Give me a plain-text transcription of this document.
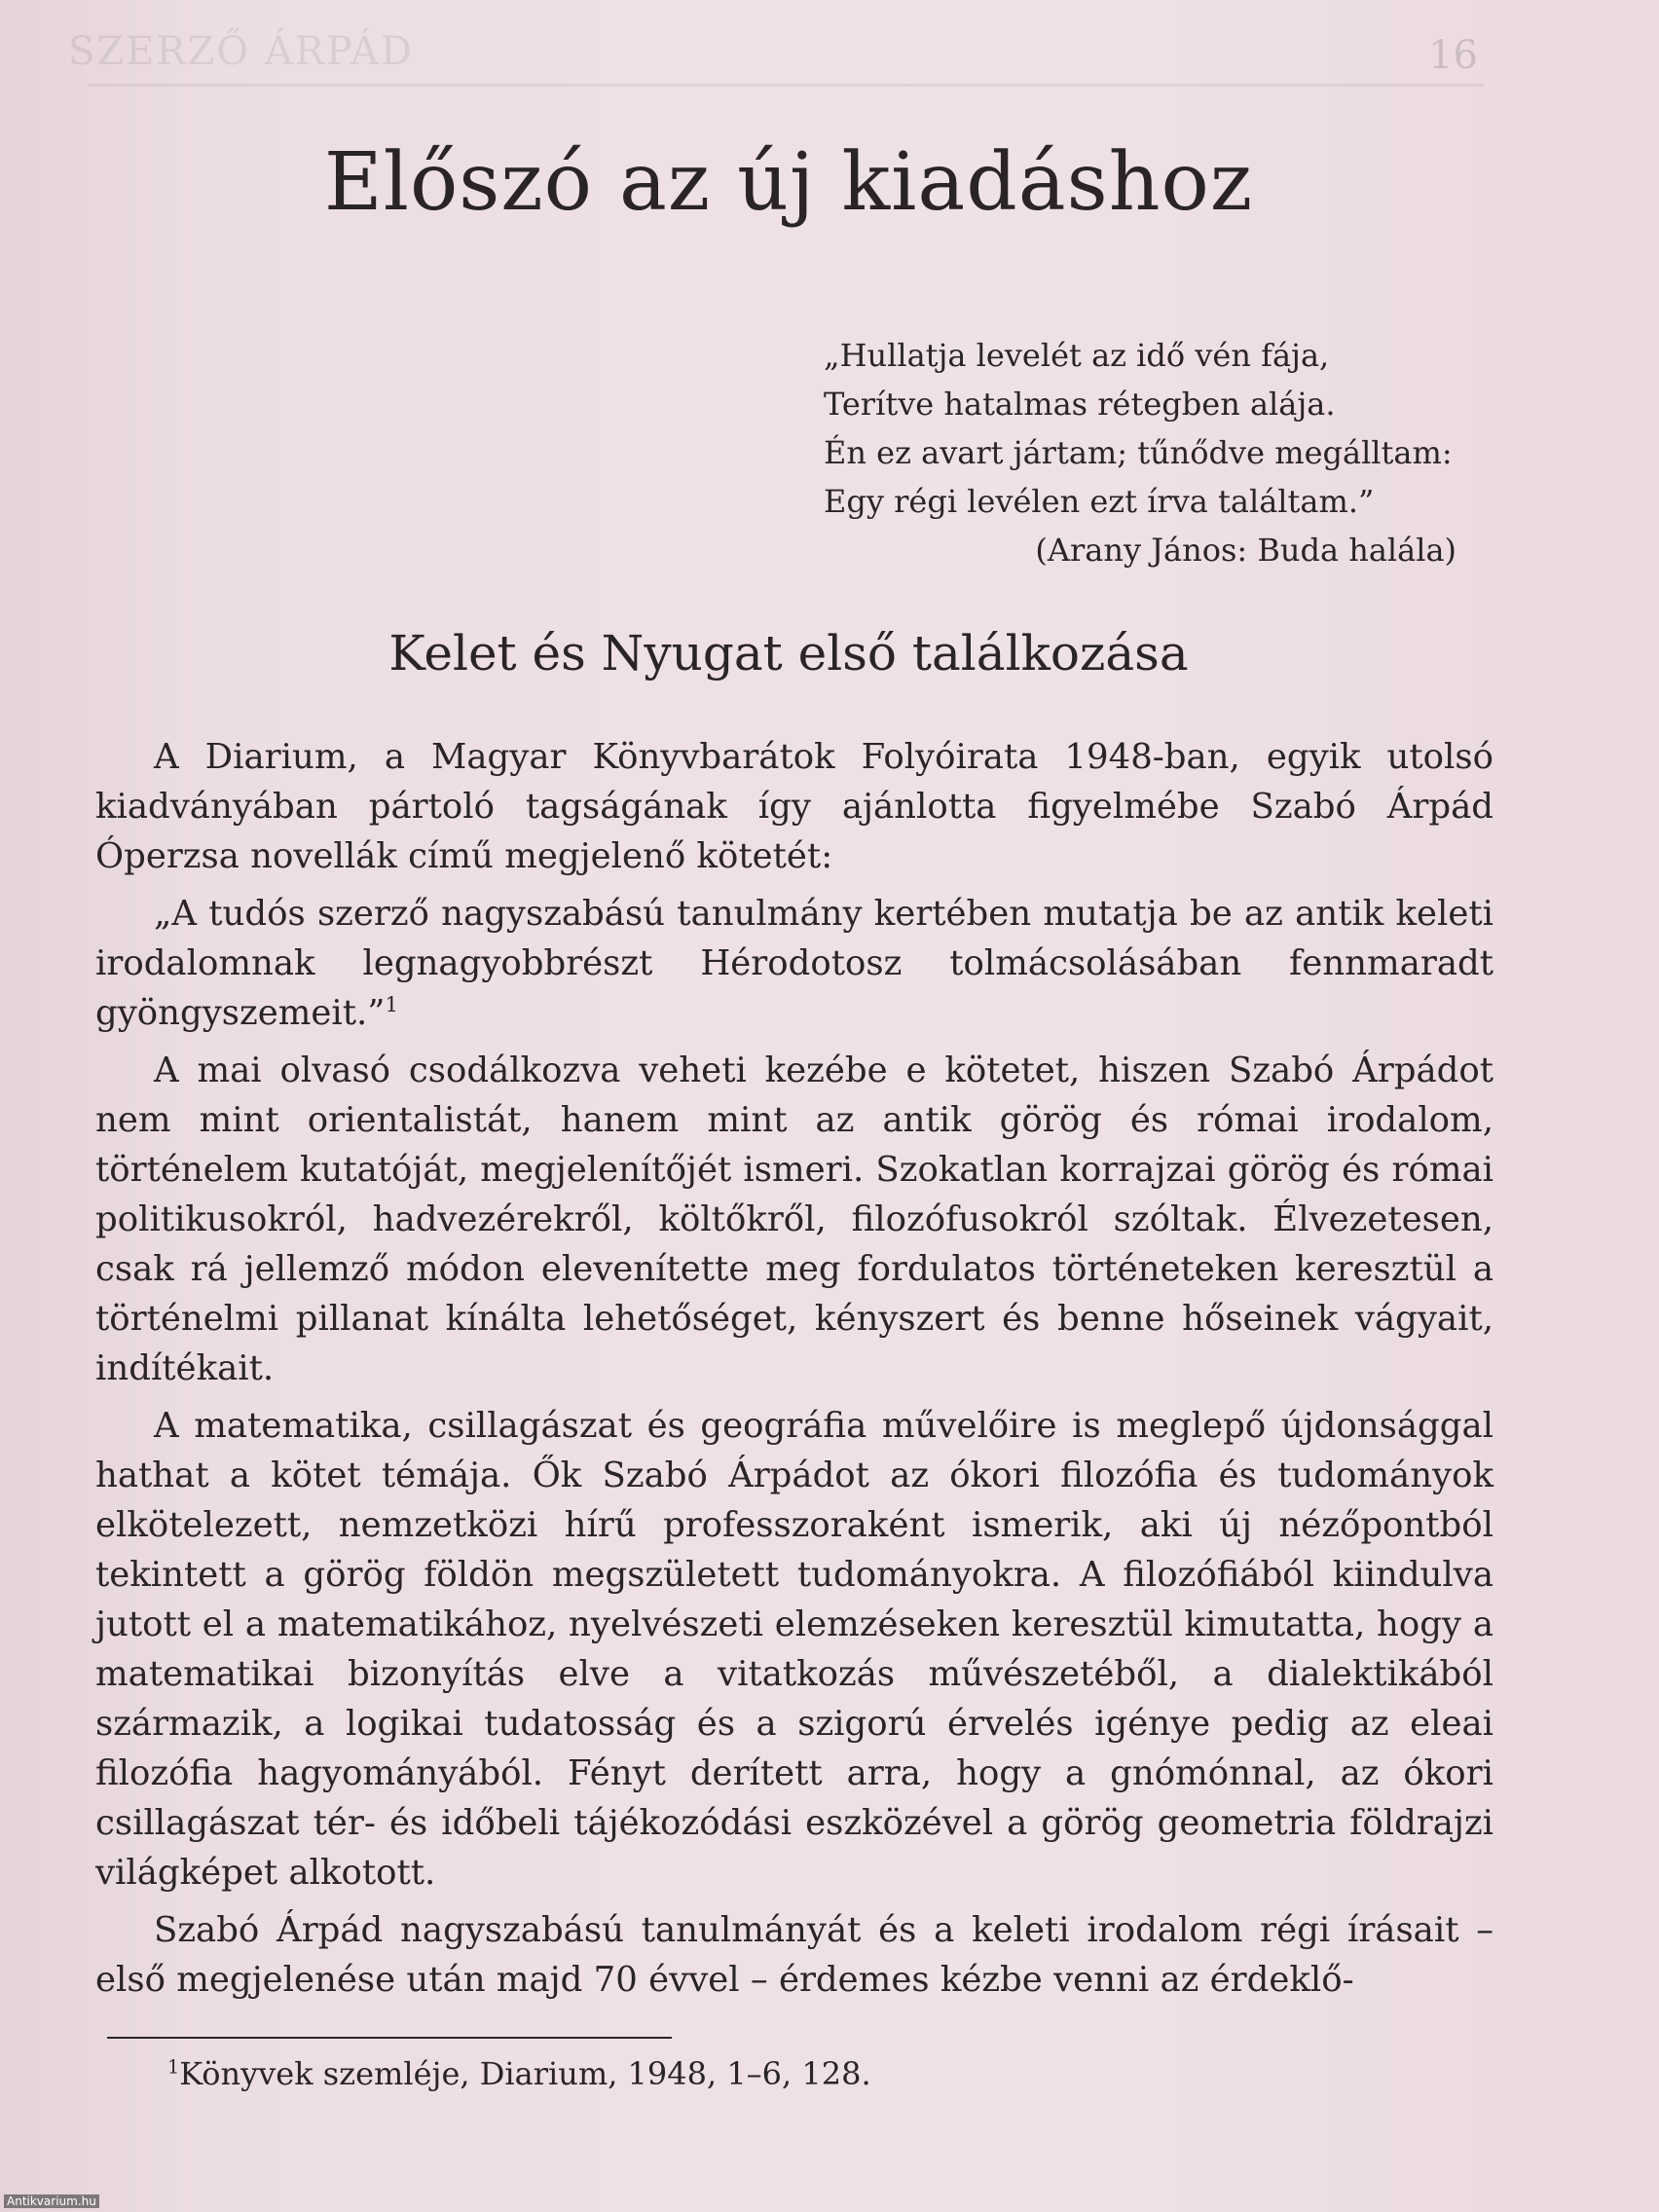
SZERZŐ ÁRPÁD	16
Előszó az új kiadáshoz
„Hullatja levelét az idő vén fája,
Terítve hatalmas rétegben alája.
Én ez avart jártam; tűnődve megálltam:
Egy régi levélen ezt írva találtam.”
(Arany János: Buda halála)
Kelet és Nyugat első találkozása

A Diarium, a Magyar Könyvbarátok Folyóirata 1948-ban, egyik utolsó kiadványában pártoló tagságának így ajánlotta figyelmébe Szabó Árpád Óperzsa novellák című megjelenő kötetét:

„A tudós szerző nagyszabású tanulmány kertében mutatja be az antik keleti irodalomnak legnagyobbrészt Hérodotosz tolmácsolásában fennmaradt gyöngyszemeit.”$^1$

A mai olvasó csodálkozva veheti kezébe e kötetet, hiszen Szabó Árpádot nem mint orientalistát, hanem mint az antik görög és római irodalom, történelem kutatóját, megjelenítőjét ismeri. Szokatlan korrajzai görög és római politikusokról, hadvezérekről, költőkről, filozófusokról szóltak. Élvezetesen, csak rá jellemző módon elevenítette meg fordulatos történeteken keresztül a történelmi pillanat kínálta lehetőséget, kényszert és benne hőseinek vágyait, indítékait.

A matematika, csillagászat és geográfia művelőire is meglepő újdonsággal hathat a kötet témája. Ők Szabó Árpádot az ókori filozófia és tudományok elkötelezett, nemzetközi hírű professzoraként ismerik, aki új nézőpontból tekintett a görög földön megszületett tudományokra. A filozófiából kiindulva jutott el a matematikához, nyelvészeti elemzéseken keresztül kimutatta, hogy a matematikai bizonyítás elve a vitatkozás művészetéből, a dialektikából származik, a logikai tudatosság és a szigorú érvelés igénye pedig az eleai filozófia hagyományából. Fényt derített arra, hogy a gnómónnal, az ókori csillagászat tér- és időbeli tájékozódási eszközével a görög geometria földrajzi világképet alkotott.

Szabó Árpád nagyszabású tanulmányát és a keleti irodalom régi írásait – első megjelenése után majd 70 évvel – érdemes kézbe venni az érdeklő-

$^1$Könyvek szemléje, Diarium, 1948, 1–6, 128.
Antikvarium.hu
